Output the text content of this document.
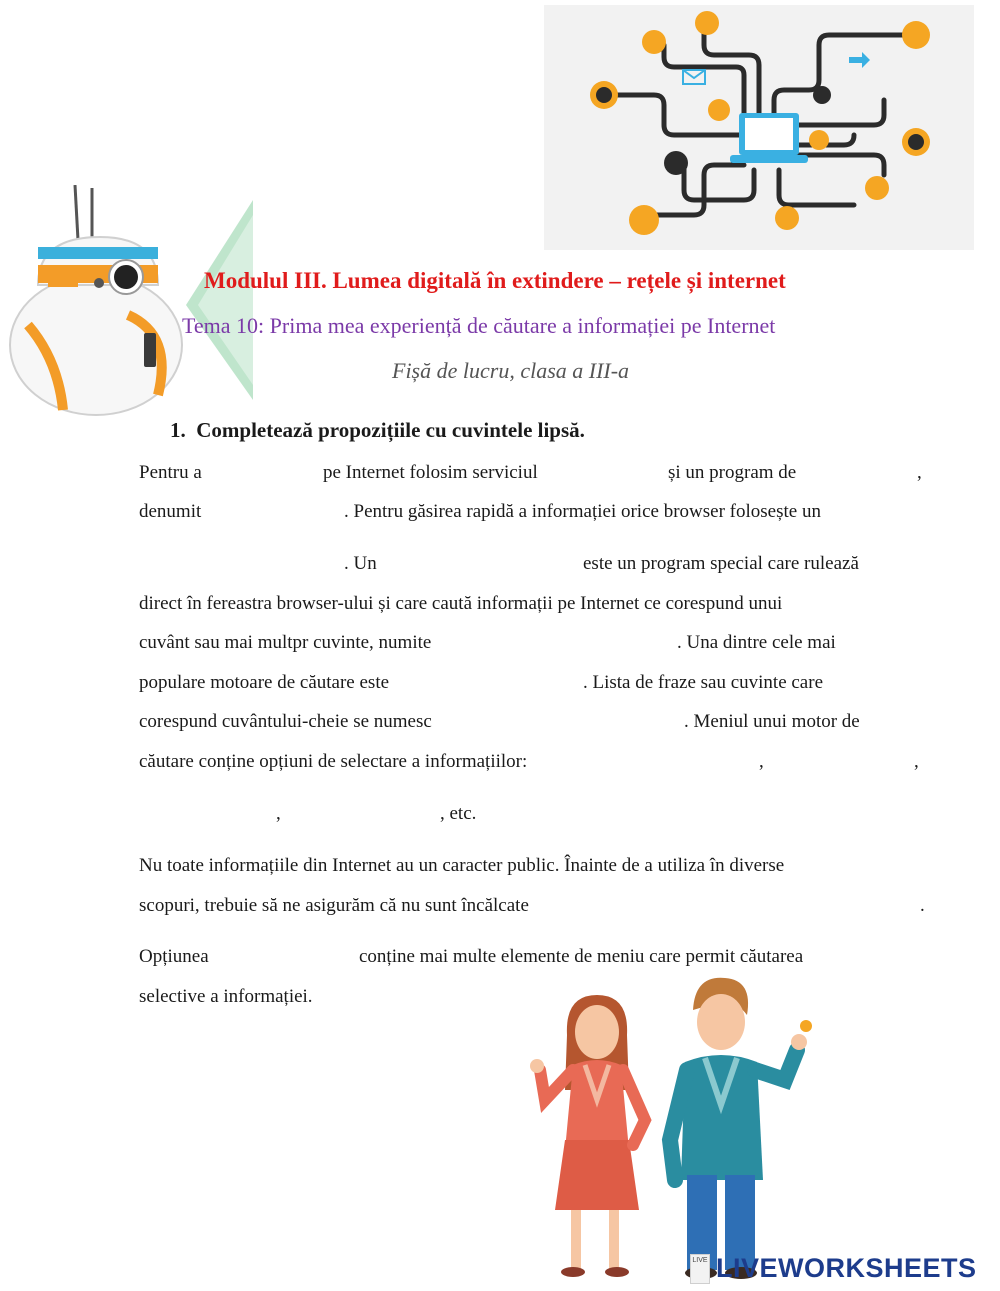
Modulul III. Lumea digitală în extindere – rețele și internet
Tema 10: Prima mea experiență de căutare a informației pe Internet
Fișă de lucru, clasa a III-a
1. Completează propozițiile cu cuvintele lipsă.
Pentru a	pe Internet folosim serviciul	și un program de	,
denumit	. Pentru găsirea rapidă a informației orice browser folosește un
. Un	este un program special care rulează
direct în fereastra browser-ului și care caută informații pe Internet ce corespund unui
cuvânt sau mai multpr cuvinte, numite	. Una dintre cele mai
populare motoare de căutare este	. Lista de fraze sau cuvinte care
corespund cuvântului-cheie se numesc	. Meniul unui motor de
căutare conține opțiuni de selectare a informațiilor:	,	,
,	, etc.
Nu toate informațiile din Internet au un caracter public. Înainte de a utiliza în diverse
scopuri, trebuie să ne asigurăm că nu sunt încălcate	.
Opțiunea	conține mai multe elemente de meniu care permit căutarea
selective a informației.
LIVE LIVEWORKSHEETS
